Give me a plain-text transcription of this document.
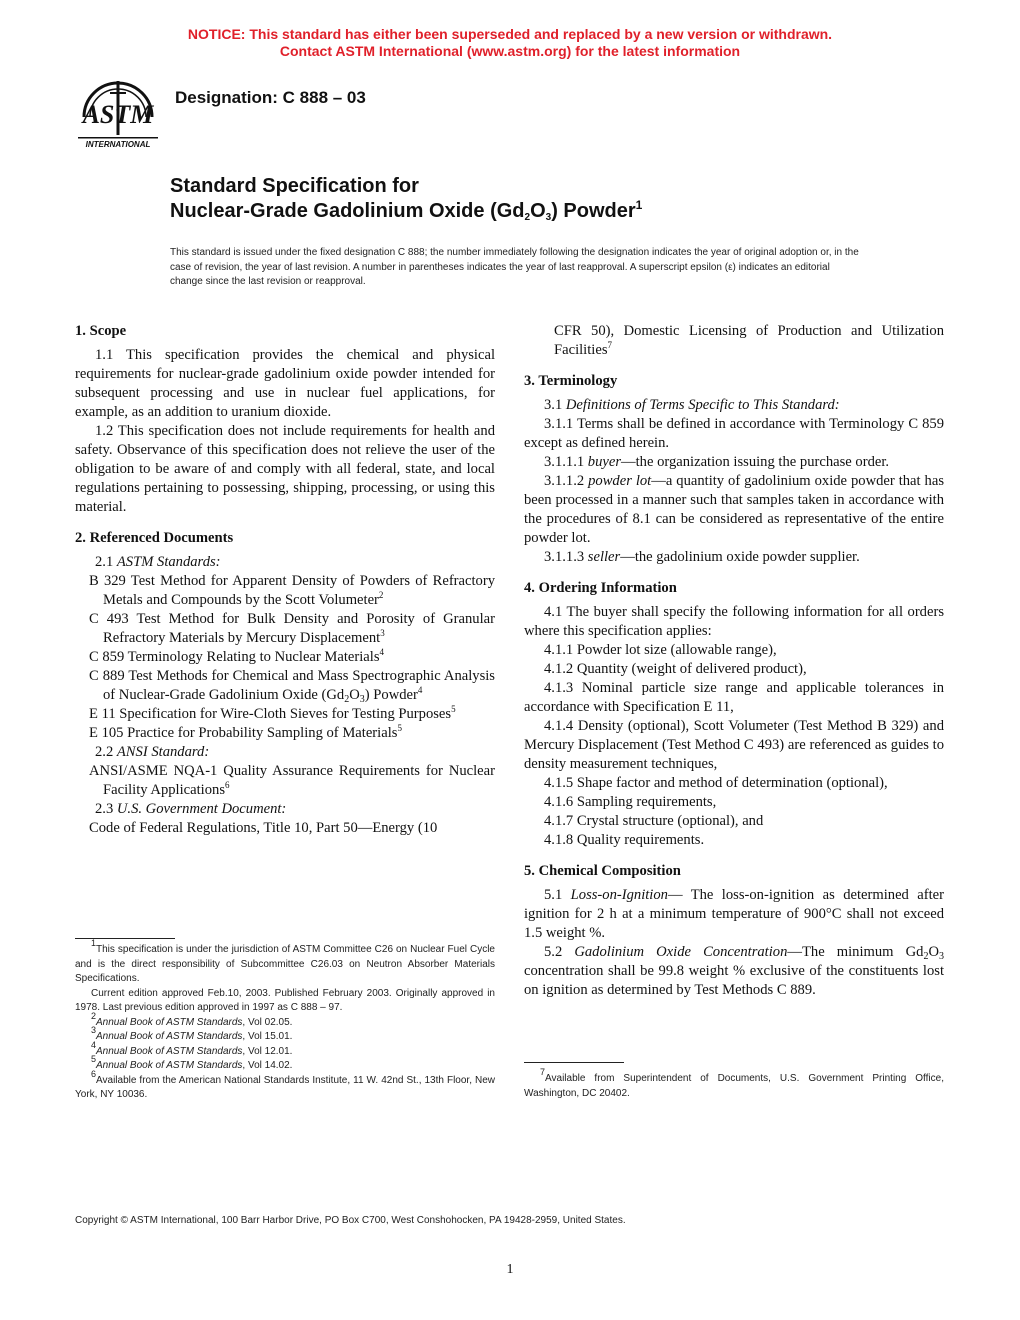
NOTICE: This standard has either been superseded and replaced by a new version or withdrawn.
Contact ASTM International (www.astm.org) for the latest information
ASTM
INTERNATIONAL
Designation: C 888 – 03
Standard Specification for
Nuclear-Grade Gadolinium Oxide $(Gd_2O_3)$ Powder$^1$
This standard is issued under the fixed designation C 888; the number immediately following the designation indicates the year of original adoption or, in the case of revision, the year of last revision. A number in parentheses indicates the year of last reapproval. A superscript epsilon (ε) indicates an editorial change since the last revision or reapproval.
1. Scope

1.1 This specification provides the chemical and physical requirements for nuclear-grade gadolinium oxide powder intended for subsequent processing and use in nuclear fuel applications, for example, as an addition to uranium dioxide.

1.2 This specification does not include requirements for health and safety. Observance of this specification does not relieve the user of the obligation to be aware of and comply with all federal, state, and local regulations pertaining to possessing, shipping, processing, or using this material.

2. Referenced Documents

2.1 ASTM Standards:

B 329 Test Method for Apparent Density of Powders of Refractory Metals and Compounds by the Scott Volumeter$^2$

C 493 Test Method for Bulk Density and Porosity of Granular Refractory Materials by Mercury Displacement$^3$

C 859 Terminology Relating to Nuclear Materials$^4$

C 889 Test Methods for Chemical and Mass Spectrographic Analysis of Nuclear-Grade Gadolinium Oxide $(Gd_2O_3)$ Powder$^4$

E 11 Specification for Wire-Cloth Sieves for Testing Purposes$^5$

E 105 Practice for Probability Sampling of Materials$^5$

2.2 ANSI Standard:

ANSI/ASME NQA-1 Quality Assurance Requirements for Nuclear Facility Applications$^6$

2.3 U.S. Government Document:

Code of Federal Regulations, Title 10, Part 50—Energy (10

$^1$This specification is under the jurisdiction of ASTM Committee C26 on Nuclear Fuel Cycle and is the direct responsibility of Subcommittee C26.03 on Neutron Absorber Materials Specifications.

Current edition approved Feb.10, 2003. Published February 2003. Originally approved in 1978. Last previous edition approved in 1997 as C 888 – 97.

$^2$Annual Book of ASTM Standards, Vol 02.05.

$^3$Annual Book of ASTM Standards, Vol 15.01.

$^4$Annual Book of ASTM Standards, Vol 12.01.

$^5$Annual Book of ASTM Standards, Vol 14.02.

$^6$Available from the American National Standards Institute, 11 W. 42nd St., 13th Floor, New York, NY 10036.

CFR 50), Domestic Licensing of Production and Utilization Facilities$^7$

3. Terminology

3.1 Definitions of Terms Specific to This Standard:

3.1.1 Terms shall be defined in accordance with Terminology C 859 except as defined herein.

3.1.1.1 buyer—the organization issuing the purchase order.

3.1.1.2 powder lot—a quantity of gadolinium oxide powder that has been processed in a manner such that samples taken in accordance with the procedures of 8.1 can be considered as representative of the entire powder lot.

3.1.1.3 seller—the gadolinium oxide powder supplier.

4. Ordering Information

4.1 The buyer shall specify the following information for all orders where this specification applies:

4.1.1 Powder lot size (allowable range),

4.1.2 Quantity (weight of delivered product),

4.1.3 Nominal particle size range and applicable tolerances in accordance with Specification E 11,

4.1.4 Density (optional), Scott Volumeter (Test Method B 329) and Mercury Displacement (Test Method C 493) are referenced as guides to density measurement techniques,

4.1.5 Shape factor and method of determination (optional),

4.1.6 Sampling requirements,

4.1.7 Crystal structure (optional), and

4.1.8 Quality requirements.

5. Chemical Composition

5.1 Loss-on-Ignition— The loss-on-ignition as determined after ignition for 2 h at a minimum temperature of 900°C shall not exceed 1.5 weight %.

5.2 Gadolinium Oxide Concentration—The minimum $Gd_2O_3$ concentration shall be 99.8 weight % exclusive of the constituents lost on ignition as determined by Test Methods C 889.

$^7$Available from Superintendent of Documents, U.S. Government Printing Office, Washington, DC 20402.

Copyright © ASTM International, 100 Barr Harbor Drive, PO Box C700, West Conshohocken, PA 19428-2959, United States.
1
